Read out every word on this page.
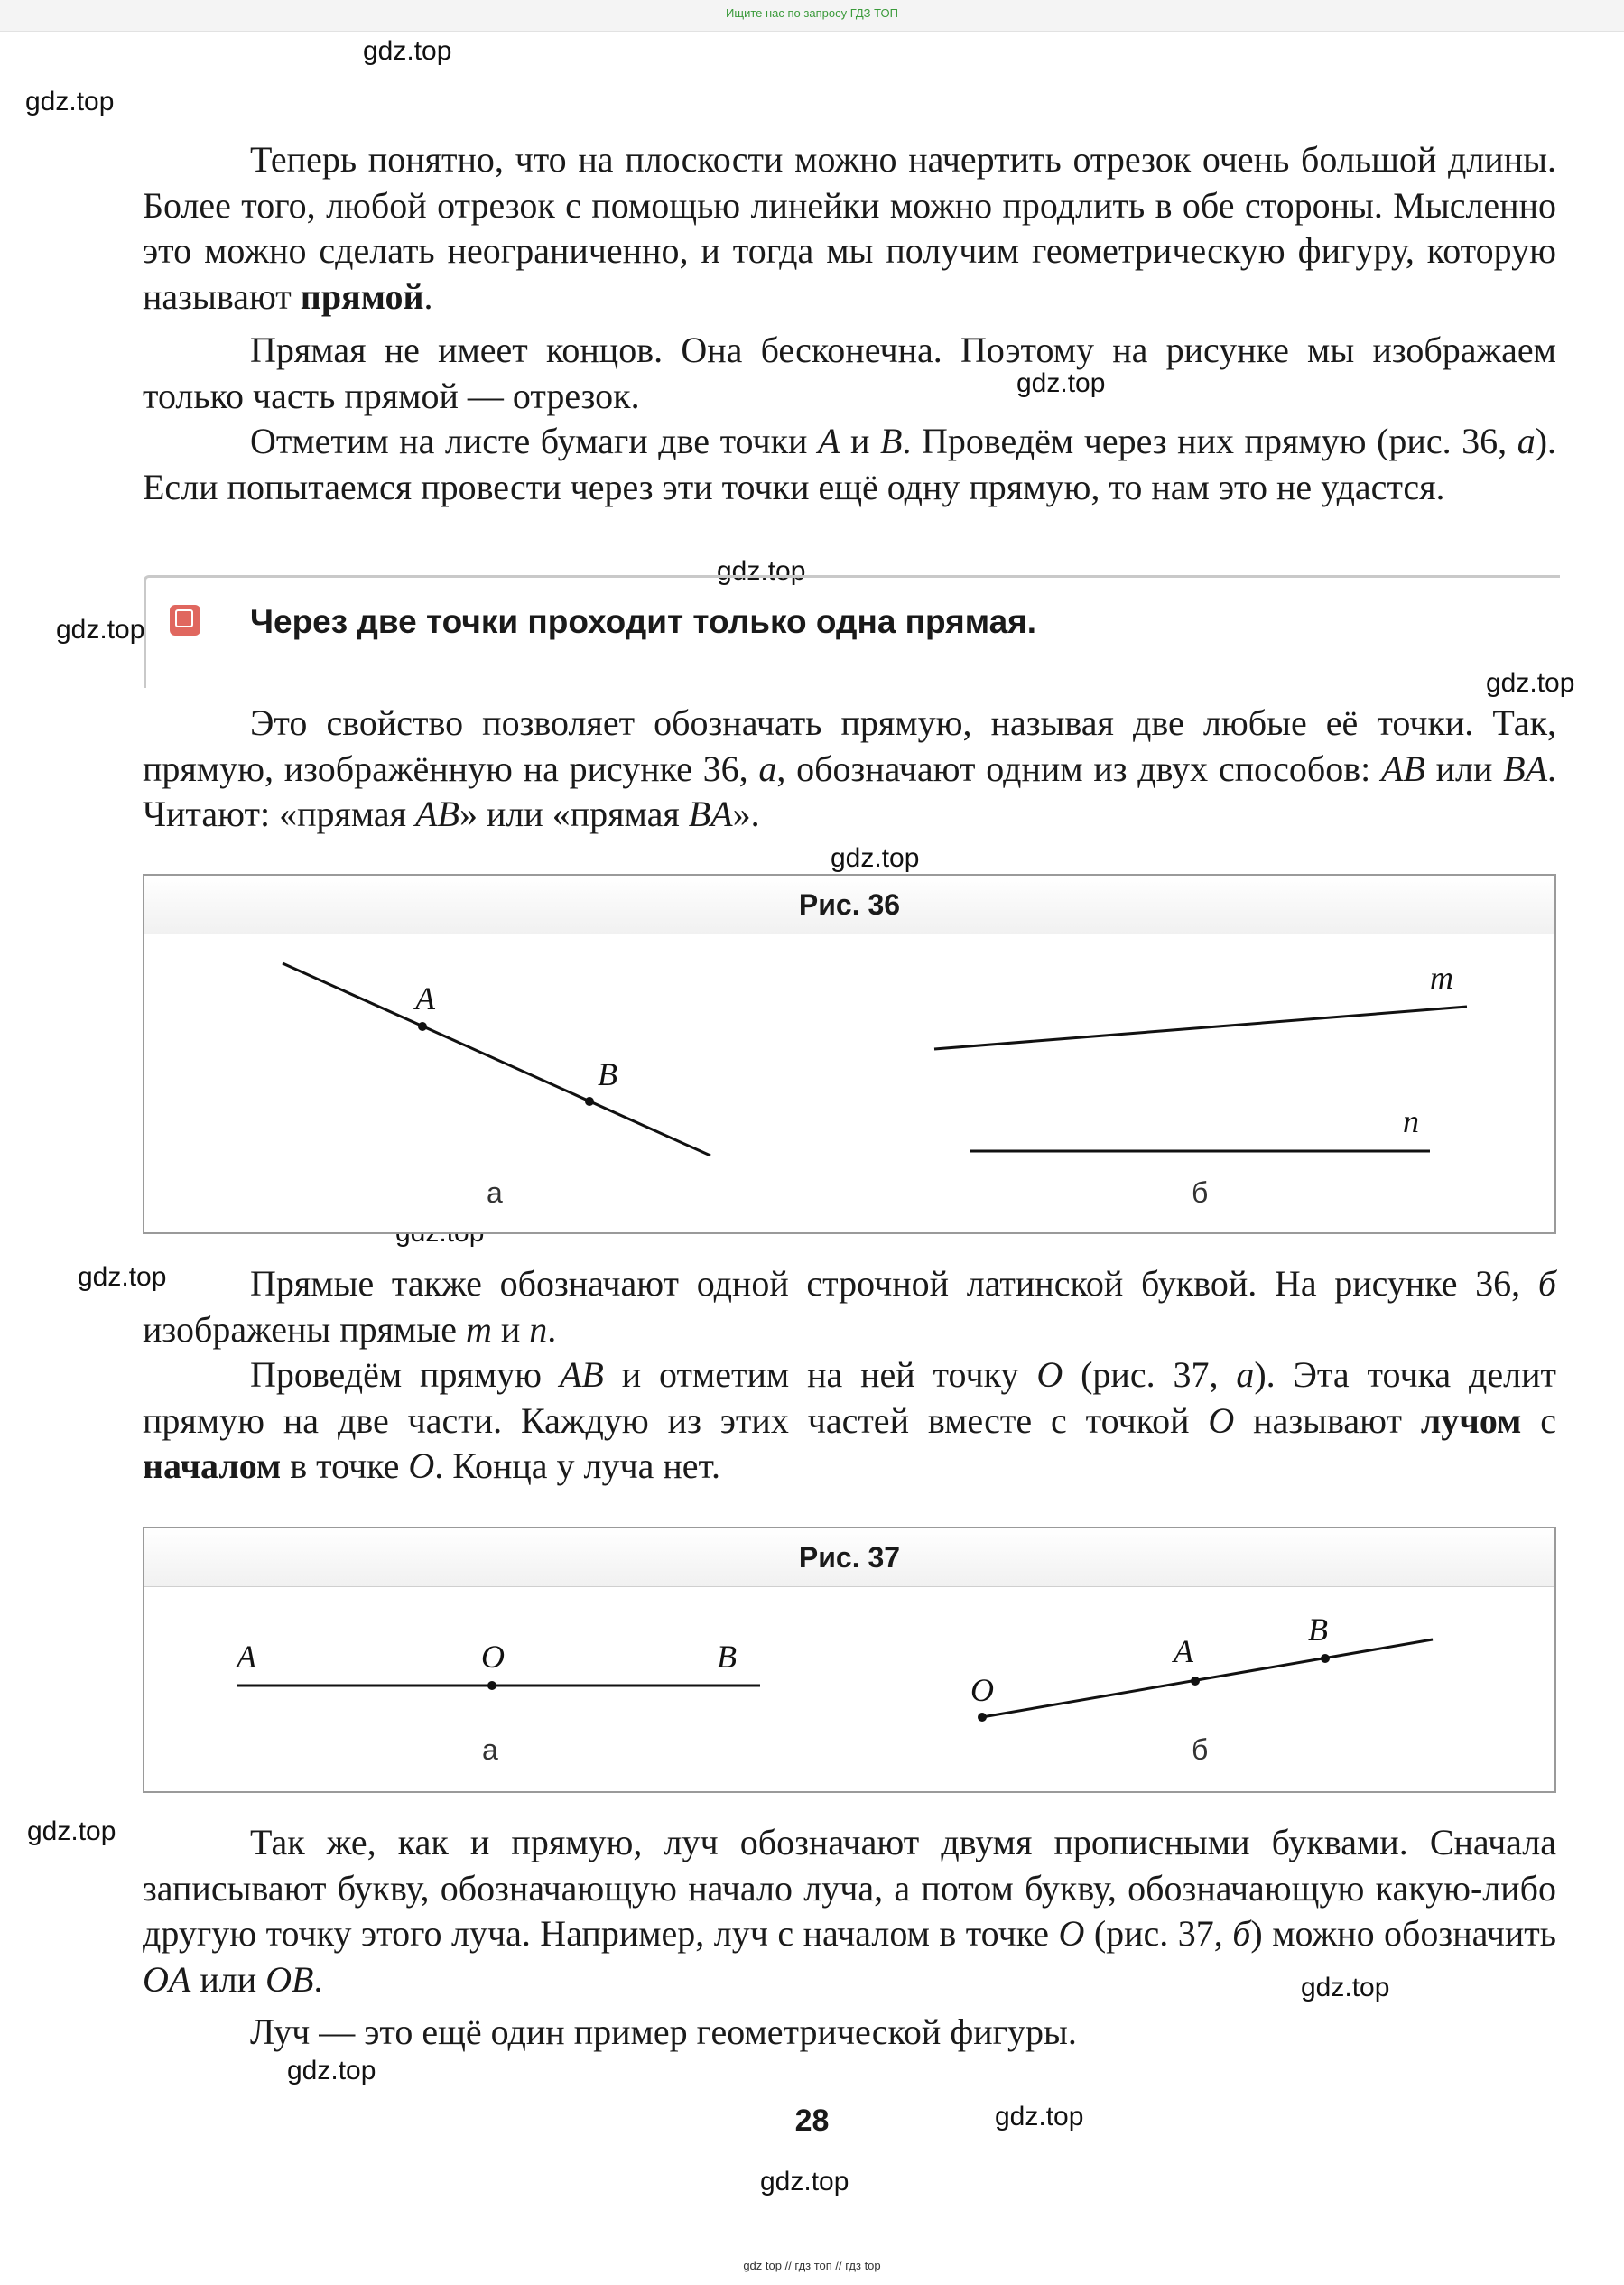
Ищите нас по запросу ГДЗ ТОП
gdz.top
gdz.top
gdz.top
gdz.top
gdz.top
gdz.top
gdz.top
gdz.top
gdz.top
gdz.top
gdz.top
gdz.top
gdz.top

Теперь понятно, что на плоскости можно начертить отрезок очень большой длины. Более того, любой отрезок с помощью линейки можно продлить в обе стороны. Мысленно это можно сделать неограниченно, и тогда мы получим геометрическую фигуру, которую называют прямой.

Прямая не имеет концов. Она бесконечна. Поэтому на рисунке мы изображаем только часть прямой — отрезок.

Отметим на листе бумаги две точки A и B. Проведём через них прямую (рис. 36, а). Если попытаемся провести через эти точки ещё одну прямую, то нам это не удастся.

Через две точки проходит только одна прямая.

Это свойство позволяет обозначать прямую, называя две любые её точки. Так, прямую, изображённую на рисунке 36, а, обозначают одним из двух способов: AB или BA. Читают: «прямая AB» или «прямая BA».

Рис. 36
A
B
m
n
а	б

Прямые также обозначают одной строчной латинской буквой. На рисунке 36, б изображены прямые m и n.

Проведём прямую AB и отметим на ней точку O (рис. 37, а). Эта точка делит прямую на две части. Каждую из этих частей вместе с точкой O называют лучом с началом в точке O. Конца у луча нет.

Рис. 37
A	O	B
O
A
B
а	б

Так же, как и прямую, луч обозначают двумя прописными буквами. Сначала записывают букву, обозначающую начало луча, а потом букву, обозначающую какую-либо другую точку этого луча. Например, луч с началом в точке O (рис. 37, б) можно обозначить OA или OB.

Луч — это ещё один пример геометрической фигуры.

28
gdz top // гдз топ // гдз top
